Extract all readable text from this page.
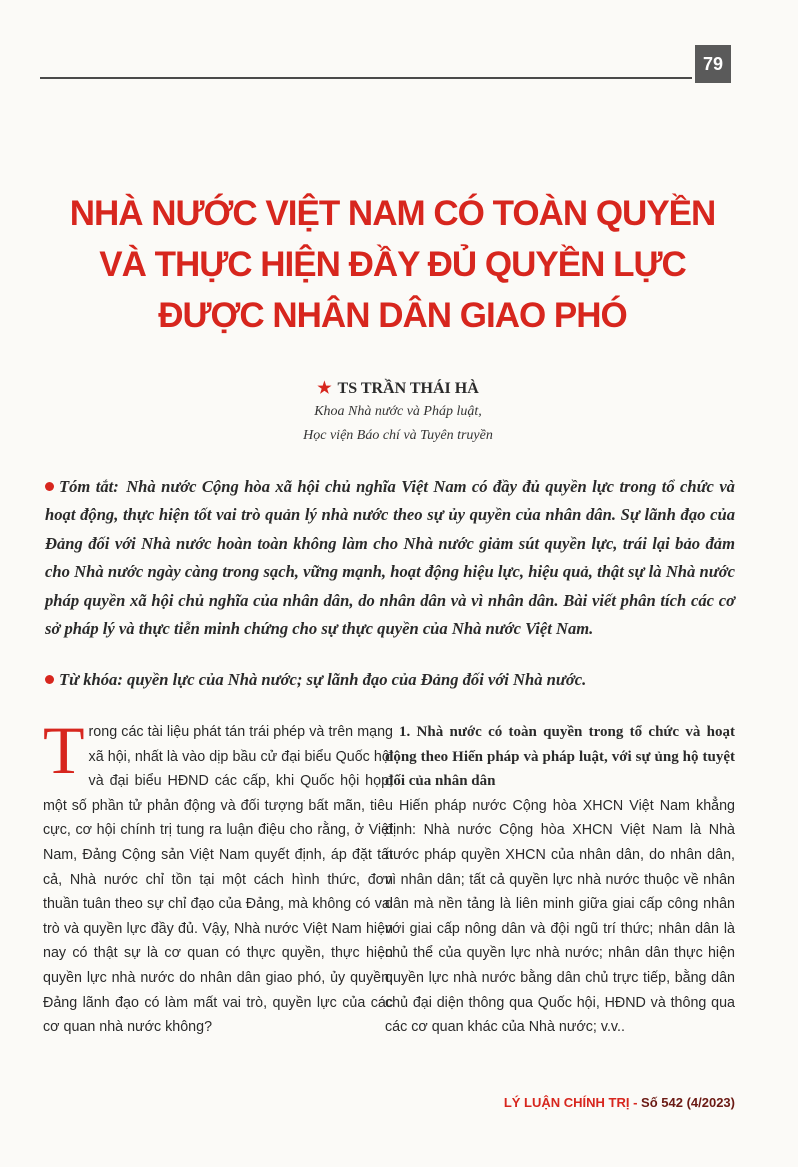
79
NHÀ NƯỚC VIỆT NAM CÓ TOÀN QUYỀN
VÀ THỰC HIỆN ĐẦY ĐỦ QUYỀN LỰC
ĐƯỢC NHÂN DÂN GIAO PHÓ
★ TS TRẦN THÁI HÀ
Khoa Nhà nước và Pháp luật,
Học viện Báo chí và Tuyên truyền

Tóm tắt: Nhà nước Cộng hòa xã hội chủ nghĩa Việt Nam có đầy đủ quyền lực trong tổ chức và hoạt động, thực hiện tốt vai trò quản lý nhà nước theo sự ủy quyền của nhân dân. Sự lãnh đạo của Đảng đối với Nhà nước hoàn toàn không làm cho Nhà nước giảm sút quyền lực, trái lại bảo đảm cho Nhà nước ngày càng trong sạch, vững mạnh, hoạt động hiệu lực, hiệu quả, thật sự là Nhà nước pháp quyền xã hội chủ nghĩa của nhân dân, do nhân dân và vì nhân dân. Bài viết phân tích các cơ sở pháp lý và thực tiễn minh chứng cho sự thực quyền của Nhà nước Việt Nam.

Từ khóa: quyền lực của Nhà nước; sự lãnh đạo của Đảng đối với Nhà nước.

Trong các tài liệu phát tán trái phép và trên mạng xã hội, nhất là vào dịp bầu cử đại biểu Quốc hội và đại biểu HĐND các cấp, khi Quốc hội họp, một số phần tử phản động và đối tượng bất mãn, tiêu cực, cơ hội chính trị tung ra luận điệu cho rằng, ở Việt Nam, Đảng Cộng sản Việt Nam quyết định, áp đặt tất cả, Nhà nước chỉ tồn tại một cách hình thức, đơn thuần tuân theo sự chỉ đạo của Đảng, mà không có vai trò và quyền lực đầy đủ. Vậy, Nhà nước Việt Nam hiện nay có thật sự là cơ quan có thực quyền, thực hiện quyền lực nhà nước do nhân dân giao phó, ủy quyền; Đảng lãnh đạo có làm mất vai trò, quyền lực của các cơ quan nhà nước không?

1. Nhà nước có toàn quyền trong tổ chức và hoạt động theo Hiến pháp và pháp luật, với sự ủng hộ tuyệt đối của nhân dân

Hiến pháp nước Cộng hòa XHCN Việt Nam khẳng định: Nhà nước Cộng hòa XHCN Việt Nam là Nhà nước pháp quyền XHCN của nhân dân, do nhân dân, vì nhân dân; tất cả quyền lực nhà nước thuộc về nhân dân mà nền tảng là liên minh giữa giai cấp công nhân với giai cấp nông dân và đội ngũ trí thức; nhân dân là chủ thể của quyền lực nhà nước; nhân dân thực hiện quyền lực nhà nước bằng dân chủ trực tiếp, bằng dân chủ đại diện thông qua Quốc hội, HĐND và thông qua các cơ quan khác của Nhà nước; v.v..

LÝ LUẬN CHÍNH TRỊ - Số 542 (4/2023)
